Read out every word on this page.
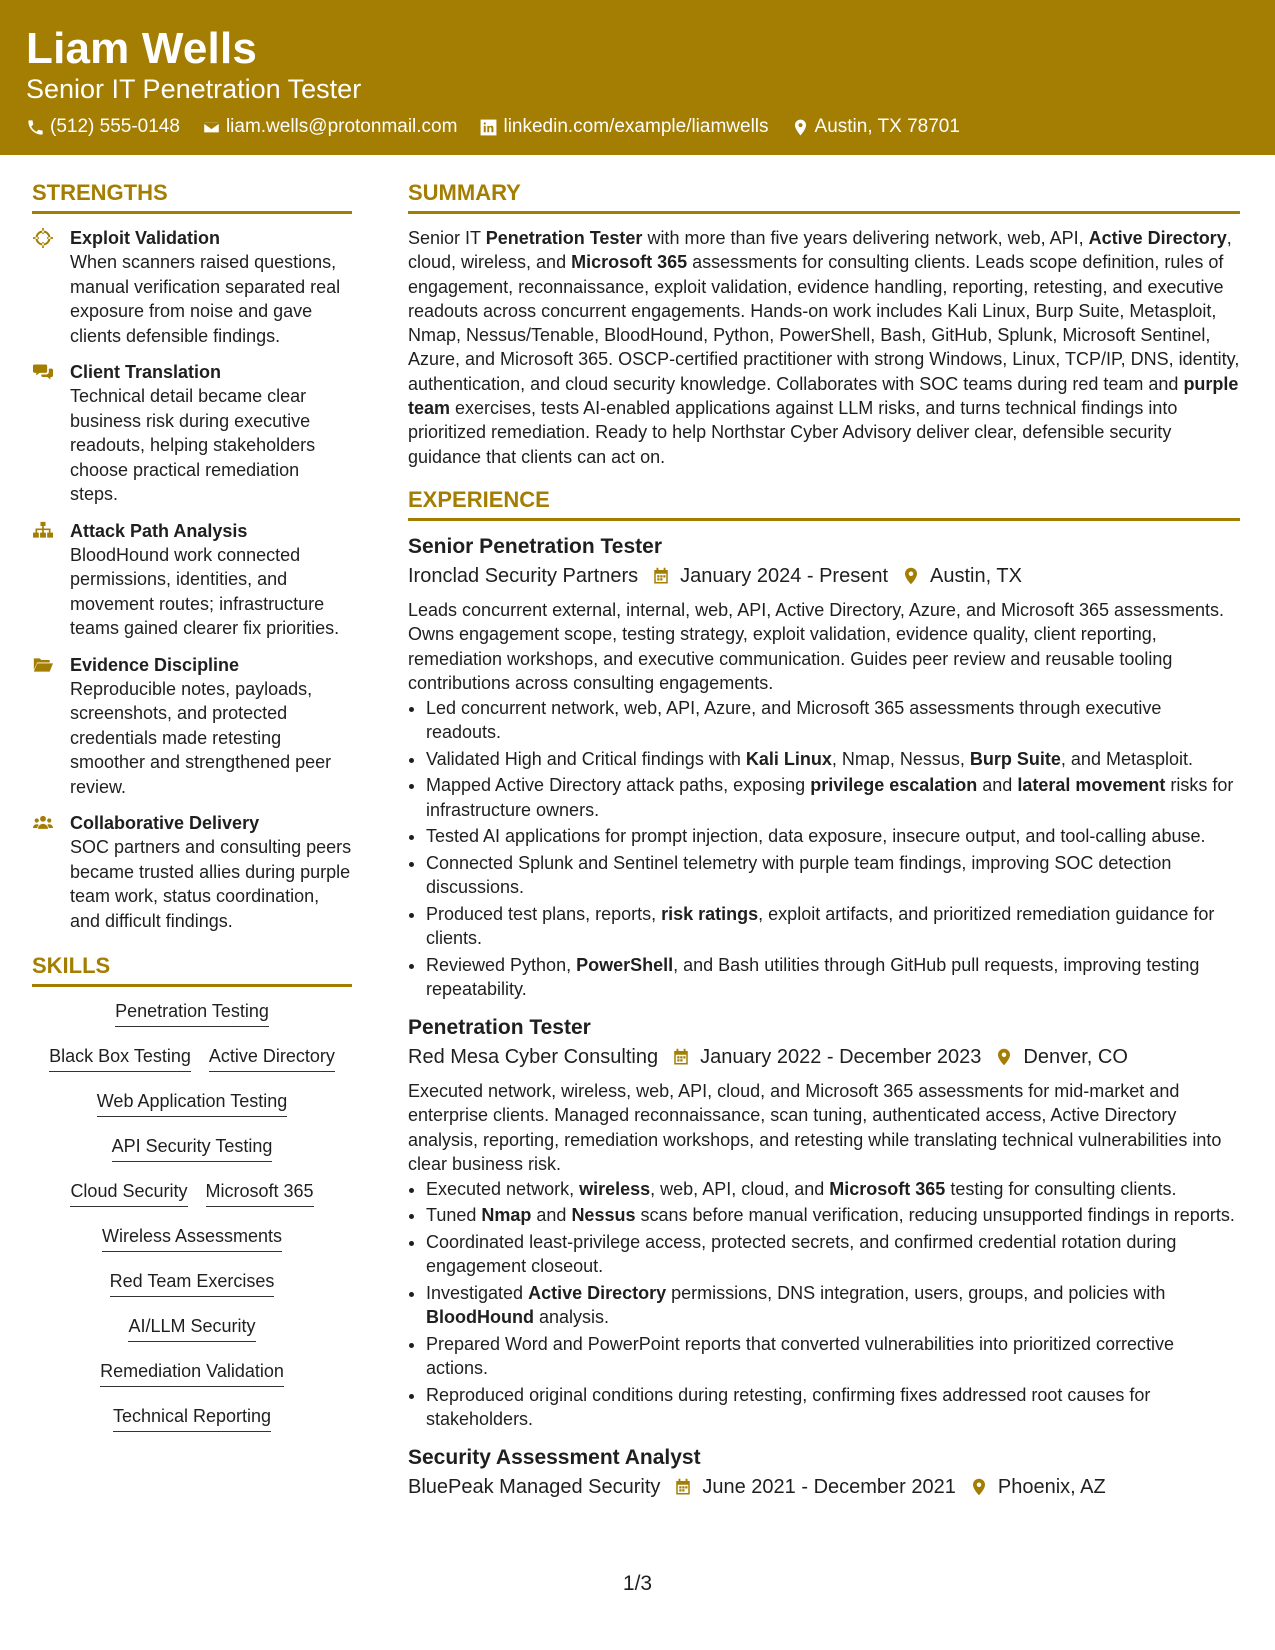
Liam Wells
Senior IT Penetration Tester
(512) 555-0148 liam.wells@protonmail.com linkedin.com/example/liamwells Austin, TX 78701
STRENGTHS
Exploit Validation
When scanners raised questions, manual verification separated real exposure from noise and gave clients defensible findings.
Client Translation
Technical detail became clear business risk during executive readouts, helping stakeholders choose practical remediation steps.
Attack Path Analysis
BloodHound work connected permissions, identities, and movement routes; infrastructure teams gained clearer fix priorities.
Evidence Discipline
Reproducible notes, payloads, screenshots, and protected credentials made retesting smoother and strengthened peer review.
Collaborative Delivery
SOC partners and consulting peers became trusted allies during purple team work, status coordination, and difficult findings.
SKILLS
Penetration Testing
Black Box Testing Active Directory
Web Application Testing
API Security Testing
Cloud Security Microsoft 365
Wireless Assessments
Red Team Exercises
AI/LLM Security
Remediation Validation
Technical Reporting
SUMMARY
Senior IT Penetration Tester with more than five years delivering network, web, API, Active Directory, cloud, wireless, and Microsoft 365 assessments for consulting clients. Leads scope definition, rules of engagement, reconnaissance, exploit validation, evidence handling, reporting, retesting, and executive readouts across concurrent engagements. Hands-on work includes Kali Linux, Burp Suite, Metasploit, Nmap, Nessus/Tenable, BloodHound, Python, PowerShell, Bash, GitHub, Splunk, Microsoft Sentinel, Azure, and Microsoft 365. OSCP-certified practitioner with strong Windows, Linux, TCP/IP, DNS, identity, authentication, and cloud security knowledge. Collaborates with SOC teams during red team and purple team exercises, tests AI-enabled applications against LLM risks, and turns technical findings into prioritized remediation. Ready to help Northstar Cyber Advisory deliver clear, defensible security guidance that clients can act on.
EXPERIENCE
Senior Penetration Tester
Ironclad Security Partners January 2024 - Present Austin, TX
Leads concurrent external, internal, web, API, Active Directory, Azure, and Microsoft 365 assessments. Owns engagement scope, testing strategy, exploit validation, evidence quality, client reporting, remediation workshops, and executive communication. Guides peer review and reusable tooling contributions across consulting engagements.
• Led concurrent network, web, API, Azure, and Microsoft 365 assessments through executive readouts.
• Validated High and Critical findings with Kali Linux, Nmap, Nessus, Burp Suite, and Metasploit.
• Mapped Active Directory attack paths, exposing privilege escalation and lateral movement risks for infrastructure owners.
• Tested AI applications for prompt injection, data exposure, insecure output, and tool-calling abuse.
• Connected Splunk and Sentinel telemetry with purple team findings, improving SOC detection discussions.
• Produced test plans, reports, risk ratings, exploit artifacts, and prioritized remediation guidance for clients.
• Reviewed Python, PowerShell, and Bash utilities through GitHub pull requests, improving testing repeatability.
Penetration Tester
Red Mesa Cyber Consulting January 2022 - December 2023 Denver, CO
Executed network, wireless, web, API, cloud, and Microsoft 365 assessments for mid-market and enterprise clients. Managed reconnaissance, scan tuning, authenticated access, Active Directory analysis, reporting, remediation workshops, and retesting while translating technical vulnerabilities into clear business risk.
• Executed network, wireless, web, API, cloud, and Microsoft 365 testing for consulting clients.
• Tuned Nmap and Nessus scans before manual verification, reducing unsupported findings in reports.
• Coordinated least-privilege access, protected secrets, and confirmed credential rotation during engagement closeout.
• Investigated Active Directory permissions, DNS integration, users, groups, and policies with BloodHound analysis.
• Prepared Word and PowerPoint reports that converted vulnerabilities into prioritized corrective actions.
• Reproduced original conditions during retesting, confirming fixes addressed root causes for stakeholders.
Security Assessment Analyst
BluePeak Managed Security June 2021 - December 2021 Phoenix, AZ
1/3
